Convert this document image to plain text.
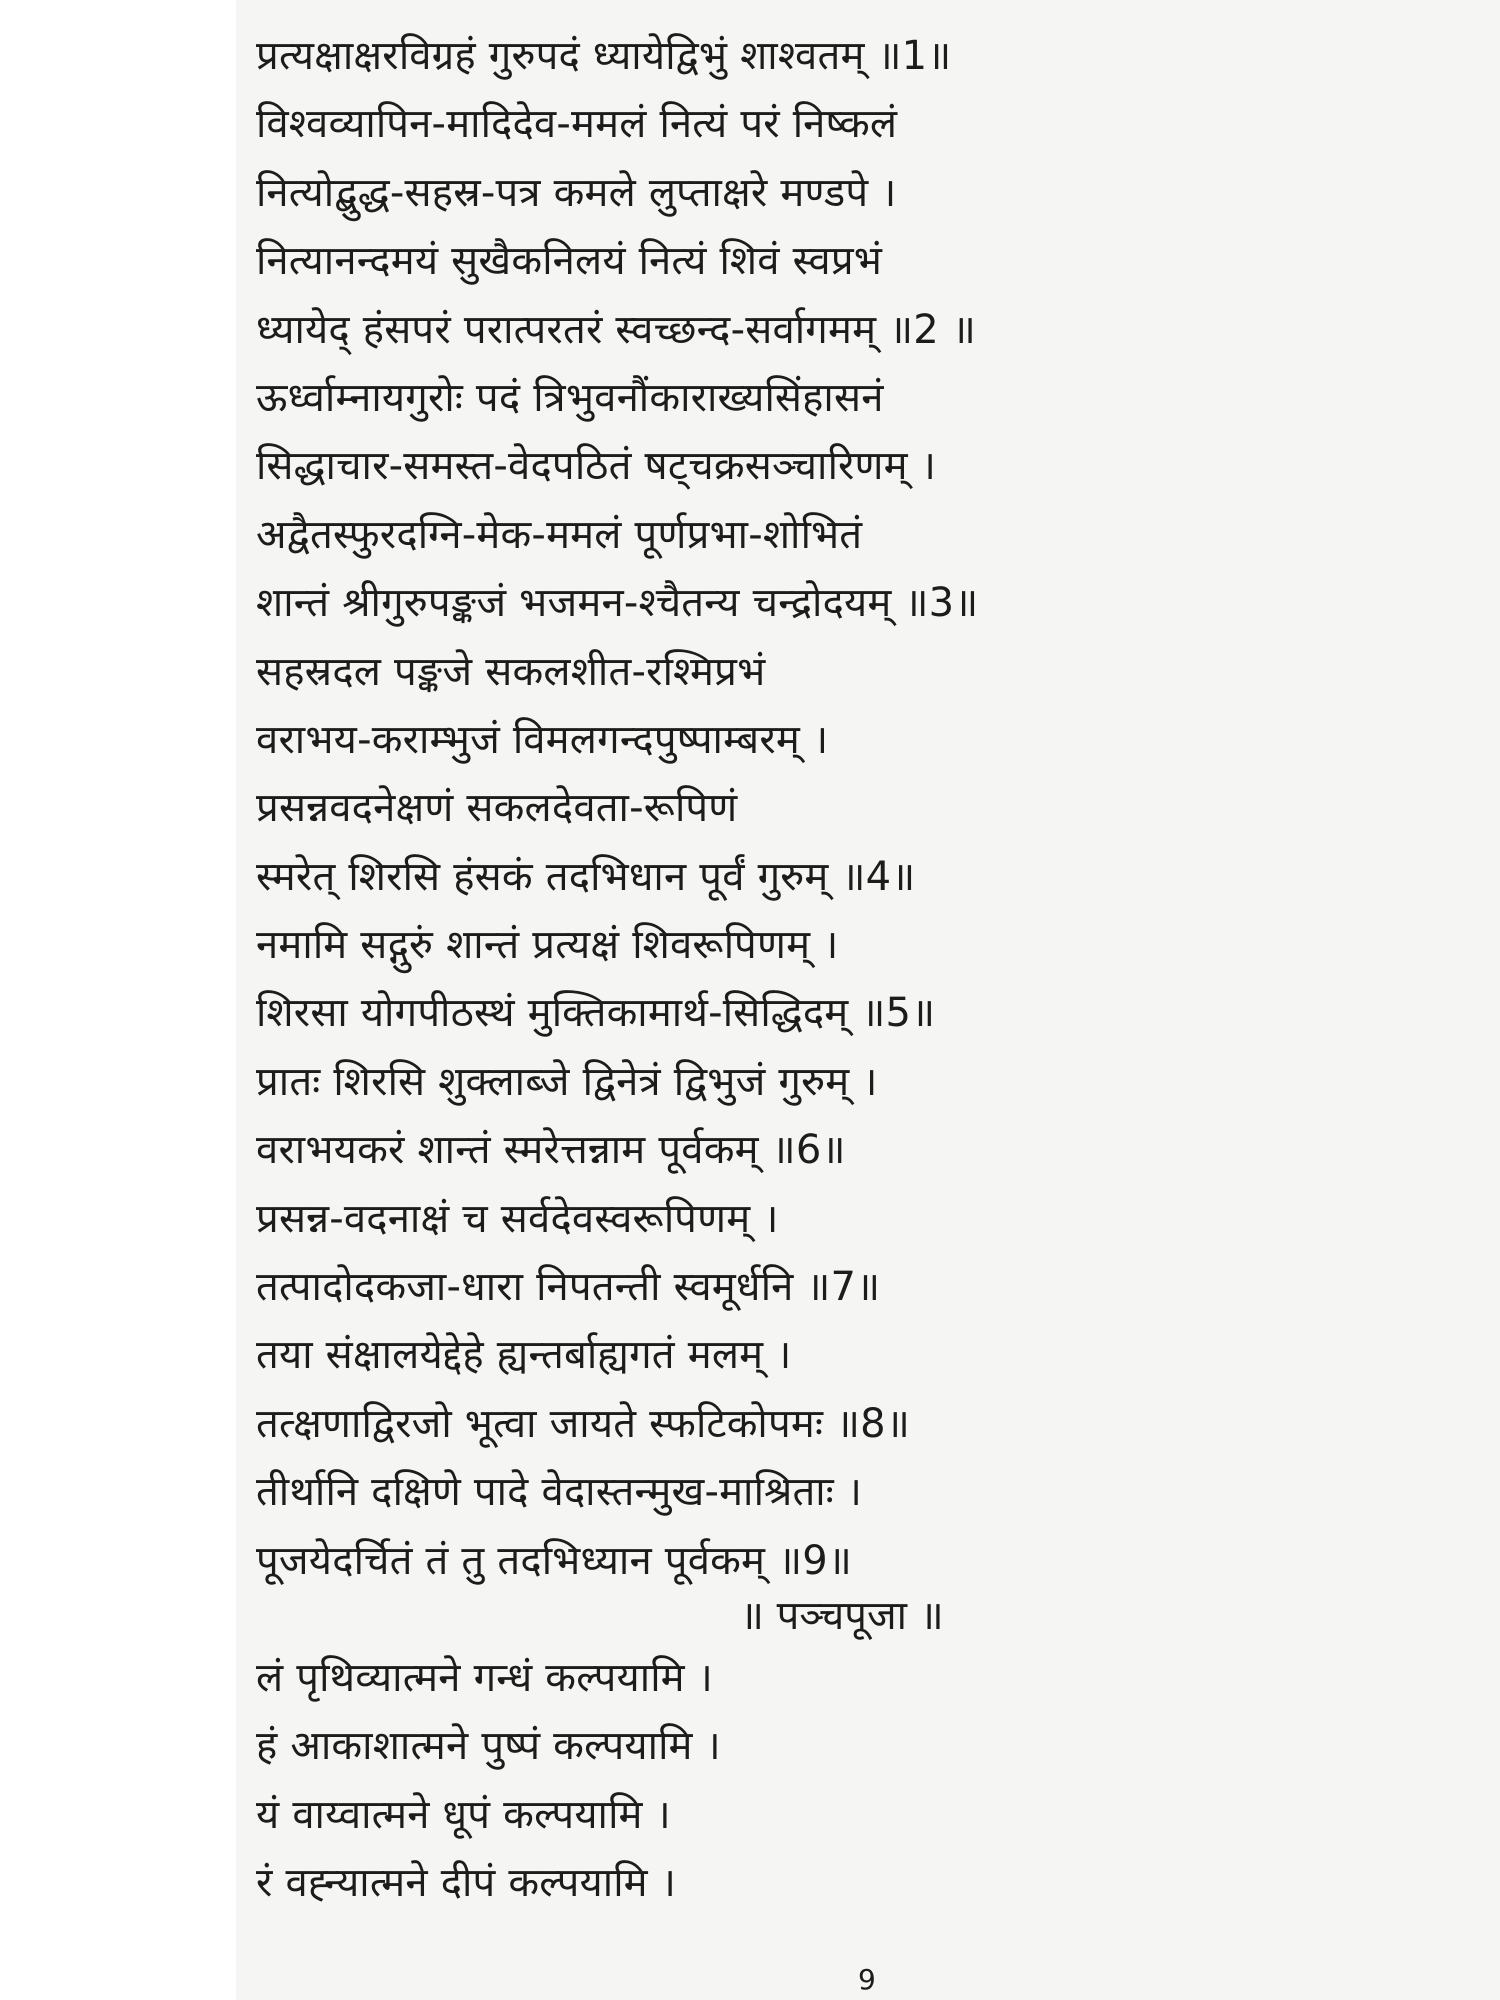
प्रत्यक्षाक्षरविग्रहं गुरुपदं ध्यायेद्विभुं शाश्वतम् ॥1॥
विश्वव्यापिन-मादिदेव-ममलं नित्यं परं निष्कलं
नित्योद्बुद्ध-सहस्र-पत्र कमले लुप्ताक्षरे मण्डपे ।
नित्यानन्दमयं सुखैकनिलयं नित्यं शिवं स्वप्रभं
ध्यायेद् हंसपरं परात्परतरं स्वच्छन्द-सर्वागमम् ॥2 ॥
ऊर्ध्वाम्नायगुरोः पदं त्रिभुवनौंकाराख्यसिंहासनं
सिद्धाचार-समस्त-वेदपठितं षट्चक्रसञ्चारिणम् ।
अद्वैतस्फुरदग्नि-मेक-ममलं पूर्णप्रभा-शोभितं
शान्तं श्रीगुरुपङ्कजं भजमन-श्चैतन्य चन्द्रोदयम् ॥3॥
सहस्रदल पङ्कजे सकलशीत-रश्मिप्रभं
वराभय-कराम्भुजं विमलगन्दपुष्पाम्बरम् ।
प्रसन्नवदनेक्षणं सकलदेवता-रूपिणं
स्मरेत् शिरसि हंसकं तदभिधान पूर्वं गुरुम् ॥4॥
नमामि सद्गुरुं शान्तं प्रत्यक्षं शिवरूपिणम् ।
शिरसा योगपीठस्थं मुक्तिकामार्थ-सिद्धिदम् ॥5॥
प्रातः शिरसि शुक्लाब्जे द्विनेत्रं द्विभुजं गुरुम् ।
वराभयकरं शान्तं स्मरेत्तन्नाम पूर्वकम् ॥6॥
प्रसन्न-वदनाक्षं च सर्वदेवस्वरूपिणम् ।
तत्पादोदकजा-धारा निपतन्ती स्वमूर्धनि ॥7॥
तया संक्षालयेद्देहे ह्यन्तर्बाह्यगतं मलम् ।
तत्क्षणाद्विरजो भूत्वा जायते स्फटिकोपमः ॥8॥
तीर्थानि दक्षिणे पादे वेदास्तन्मुख-माश्रिताः ।
पूजयेदर्चितं तं तु तदभिध्यान पूर्वकम् ॥9॥
॥ पञ्चपूजा ॥
लं पृथिव्यात्मने गन्धं कल्पयामि ।
हं आकाशात्मने पुष्पं कल्पयामि ।
यं वाय्वात्मने धूपं कल्पयामि ।
रं वह्न्यात्मने दीपं कल्पयामि ।
9
